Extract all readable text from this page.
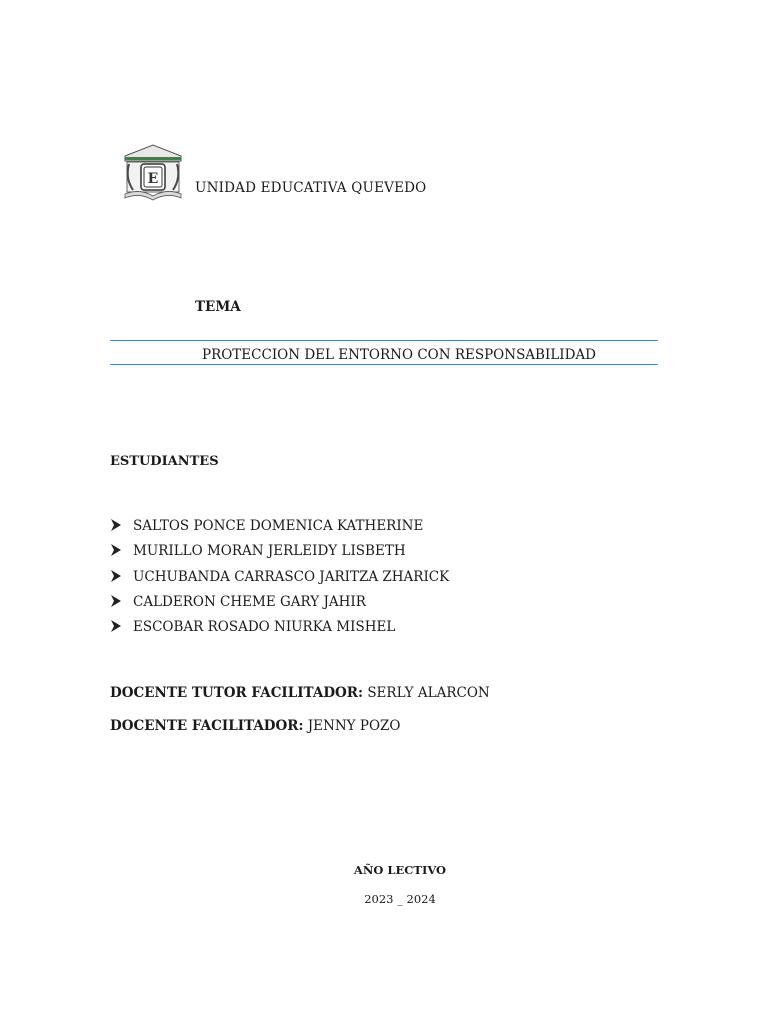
E
UNIDAD EDUCATIVA QUEVEDO
TEMA
PROTECCION DEL ENTORNO CON RESPONSABILIDAD
ESTUDIANTES
SALTOS PONCE DOMENICA KATHERINE
MURILLO MORAN JERLEIDY LISBETH
UCHUBANDA CARRASCO JARITZA ZHARICK
CALDERON CHEME GARY JAHIR
ESCOBAR ROSADO NIURKA MISHEL
DOCENTE TUTOR FACILITADOR: SERLY ALARCON
DOCENTE FACILITADOR: JENNY POZO
AÑO LECTIVO
2023 _ 2024
